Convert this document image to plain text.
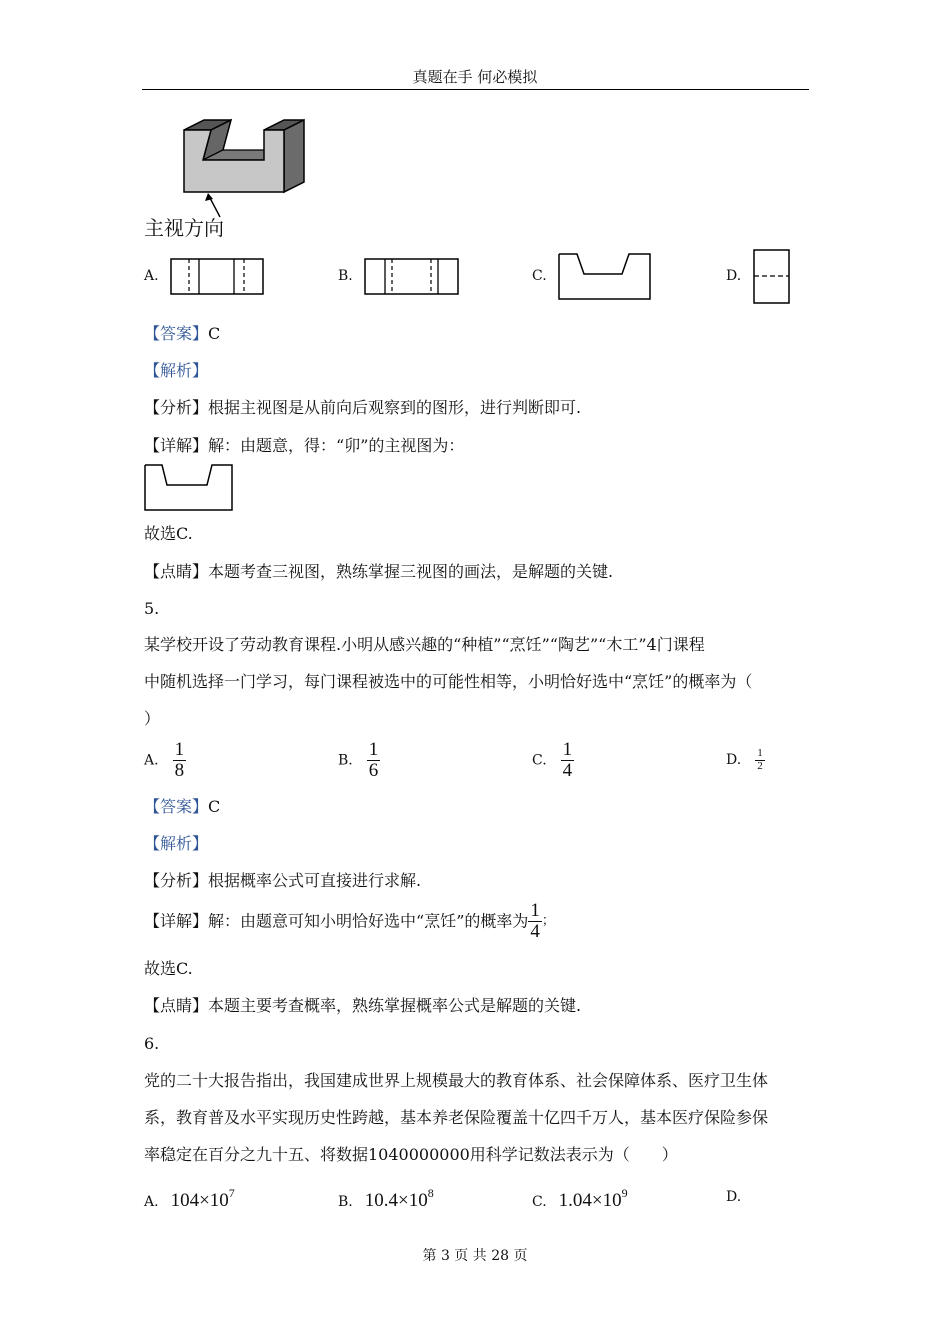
真题在手 何必模拟
主视方向
A.	B.	C.	D.
【答案】C
【解析】
【分析】根据主视图是从前向后观察到的图形，进行判断即可.
【详解】解：由题意，得：“卯”的主视图为：
故选C.
【点睛】本题考查三视图，熟练掌握三视图的画法，是解题的关键.
5.
某学校开设了劳动教育课程.小明从感兴趣的“种植”“烹饪”“陶艺”“木工”4门课程
中随机选择一门学习，每门课程被选中的可能性相等，小明恰好选中“烹饪”的概率为（
）
A. $\frac{1}{8}$	B. $\frac{1}{6}$	C. $\frac{1}{4}$	D. $\frac{1}{2}$
【答案】C
【解析】
【分析】根据概率公式可直接进行求解.
【详解】解：由题意可知小明恰好选中“烹饪”的概率为 $\frac{1}{4}$ ；
故选C.
【点睛】本题主要考查概率，熟练掌握概率公式是解题的关键.
6.
党的二十大报告指出，我国建成世界上规模最大的教育体系、社会保障体系、医疗卫生体
系，教育普及水平实现历史性跨越，基本养老保险覆盖十亿四千万人，基本医疗保险参保
率稳定在百分之九十五、将数据1040000000用科学记数法表示为（　　）
A. $104\times 10^7$
B. $10.4\times 10^8$
C. $1.04\times 10^9$	D.
第 3 页 共 28 页
